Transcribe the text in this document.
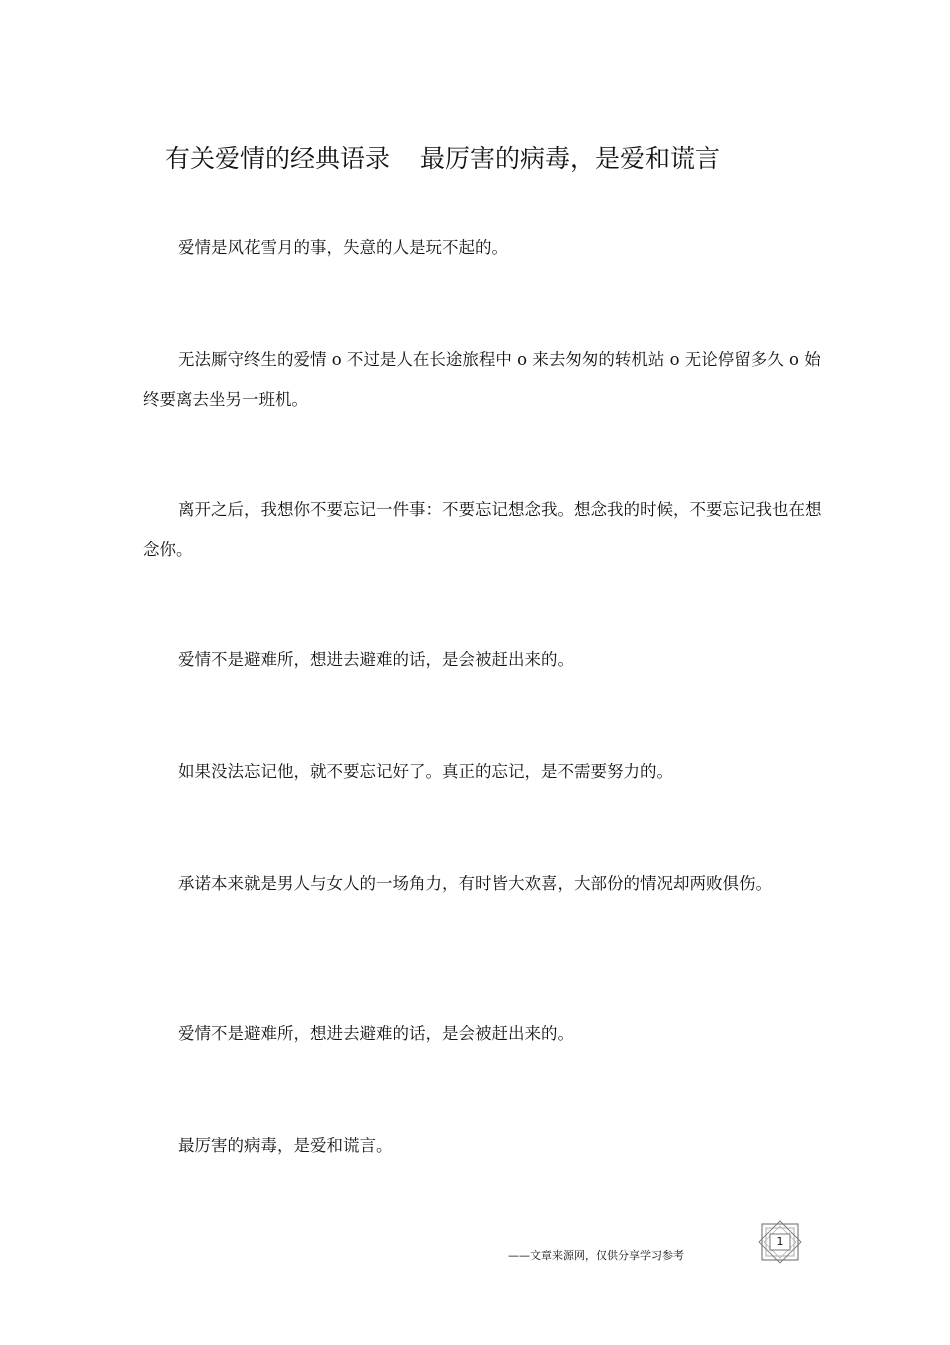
有关爱情的经典语录 最厉害的病毒，是爱和谎言

爱情是风花雪月的事，失意的人是玩不起的。

无法厮守终生的爱情 o 不过是人在长途旅程中 o 来去匆匆的转机站 o 无论停留多久 o 始终要离去坐另一班机。

离开之后，我想你不要忘记一件事：不要忘记想念我。想念我的时候，不要忘记我也在想念你。

爱情不是避难所，想进去避难的话，是会被赶出来的。

如果没法忘记他，就不要忘记好了。真正的忘记，是不需要努力的。

承诺本来就是男人与女人的一场角力，有时皆大欢喜，大部份的情况却两败俱伤。

爱情不是避难所，想进去避难的话，是会被赶出来的。

最厉害的病毒，是爱和谎言。

——文章来源网，仅供分享学习参考
1
